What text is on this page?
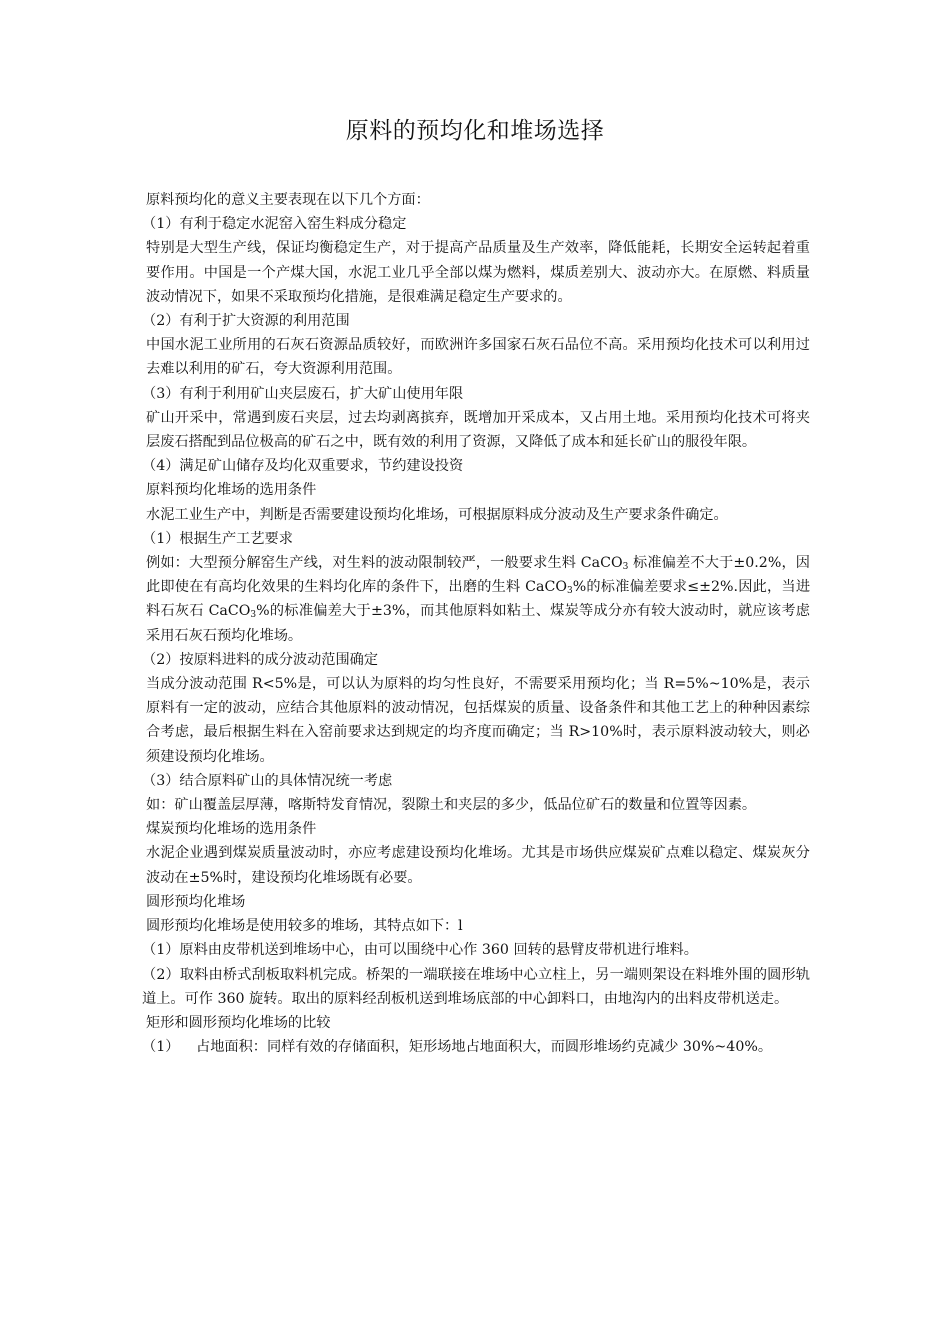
原料的预均化和堆场选择

原料预均化的意义主要表现在以下几个方面：

（1）有利于稳定水泥窑入窑生料成分稳定

特别是大型生产线，保证均衡稳定生产，对于提高产品质量及生产效率，降低能耗，长期安全运转起着重要作用。中国是一个产煤大国，水泥工业几乎全部以煤为燃料，煤质差别大、波动亦大。在原燃、料质量波动情况下，如果不采取预均化措施，是很难满足稳定生产要求的。

（2）有利于扩大资源的利用范围

中国水泥工业所用的石灰石资源品质较好，而欧洲许多国家石灰石品位不高。采用预均化技术可以利用过去难以利用的矿石，夸大资源利用范围。

（3）有利于利用矿山夹层废石，扩大矿山使用年限

矿山开采中，常遇到废石夹层，过去均剥离摈弃，既增加开采成本，又占用土地。采用预均化技术可将夹层废石搭配到品位极高的矿石之中，既有效的利用了资源，又降低了成本和延长矿山的服役年限。

（4）满足矿山储存及均化双重要求，节约建设投资

原料预均化堆场的选用条件

水泥工业生产中，判断是否需要建设预均化堆场，可根据原料成分波动及生产要求条件确定。

（1）根据生产工艺要求

例如：大型预分解窑生产线，对生料的波动限制较严，一般要求生料 CaCO$_3$ 标准偏差不大于±0.2%，因此即使在有高均化效果的生料均化库的条件下，出磨的生料 CaCO$_3$%的标准偏差要求≤±2%.因此，当进料石灰石 CaCO$_3$%的标准偏差大于±3%，而其他原料如粘土、煤炭等成分亦有较大波动时，就应该考虑采用石灰石预均化堆场。

（2）按原料进料的成分波动范围确定

当成分波动范围 R<5%是，可以认为原料的均匀性良好，不需要采用预均化；当 R=5%~10%是，表示原料有一定的波动，应结合其他原料的波动情况，包括煤炭的质量、设备条件和其他工艺上的种种因素综合考虑，最后根据生料在入窑前要求达到规定的均齐度而确定；当 R>10%时，表示原料波动较大，则必须建设预均化堆场。

（3）结合原料矿山的具体情况统一考虑

如：矿山覆盖层厚薄，喀斯特发育情况，裂隙土和夹层的多少，低品位矿石的数量和位置等因素。

煤炭预均化堆场的选用条件

水泥企业遇到煤炭质量波动时，亦应考虑建设预均化堆场。尤其是市场供应煤炭矿点难以稳定、煤炭灰分波动在±5%时，建设预均化堆场既有必要。

圆形预均化堆场

圆形预均化堆场是使用较多的堆场，其特点如下：l

（1）原料由皮带机送到堆场中心，由可以围绕中心作 360 回转的悬臂皮带机进行堆料。

（2）取料由桥式刮板取料机完成。桥架的一端联接在堆场中心立柱上，另一端则架设在料堆外围的圆形轨道上。可作 360 旋转。取出的原料经刮板机送到堆场底部的中心卸料口，由地沟内的出料皮带机送走。

矩形和圆形预均化堆场的比较

（1）	占地面积：同样有效的存储面积，矩形场地占地面积大，而圆形堆场约克减少 30%~40%。
